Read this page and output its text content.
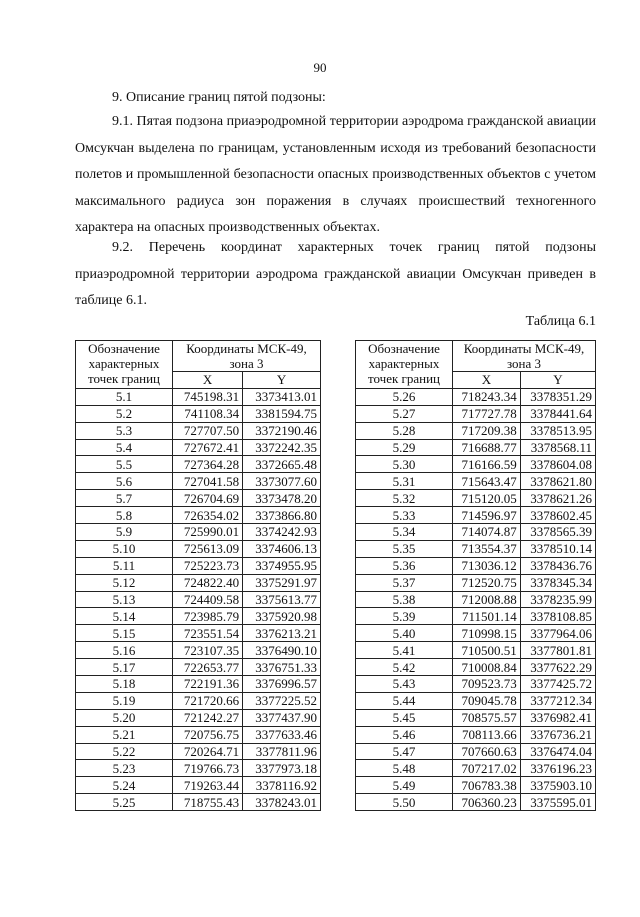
90
9. Описание границ пятой подзоны:
9.1. Пятая подзона приаэродромной территории аэродрома гражданской авиации Омсукчан выделена по границам, установленным исходя из требований безопасности полетов и промышленной безопасности опасных производственных объектов с учетом максимального радиуса зон поражения в случаях происшествий техногенного характера на опасных производственных объектах.
9.2. Перечень координат характерных точек границ пятой подзоны приаэродромной территории аэродрома гражданской авиации Омсукчан приведен в таблице 6.1.
Таблица 6.1
Обозначение характерных точек границ	Координаты МСК-49, зона 3	
	X	Y
5.1	745198.31	3373413.01
5.2	741108.34	3381594.75
5.3	727707.50	3372190.46
5.4	727672.41	3372242.35
5.5	727364.28	3372665.48
5.6	727041.58	3373077.60
5.7	726704.69	3373478.20
5.8	726354.02	3373866.80
5.9	725990.01	3374242.93
5.10	725613.09	3374606.13
5.11	725223.73	3374955.95
5.12	724822.40	3375291.97
5.13	724409.58	3375613.77
5.14	723985.79	3375920.98
5.15	723551.54	3376213.21
5.16	723107.35	3376490.10
5.17	722653.77	3376751.33
5.18	722191.36	3376996.57
5.19	721720.66	3377225.52
5.20	721242.27	3377437.90
5.21	720756.75	3377633.46
5.22	720264.71	3377811.96
5.23	719766.73	3377973.18
5.24	719263.44	3378116.92
5.25	718755.43	3378243.01
Обозначение характерных точек границ	Координаты МСК-49, зона 3	
	X	Y
5.26	718243.34	3378351.29
5.27	717727.78	3378441.64
5.28	717209.38	3378513.95
5.29	716688.77	3378568.11
5.30	716166.59	3378604.08
5.31	715643.47	3378621.80
5.32	715120.05	3378621.26
5.33	714596.97	3378602.45
5.34	714074.87	3378565.39
5.35	713554.37	3378510.14
5.36	713036.12	3378436.76
5.37	712520.75	3378345.34
5.38	712008.88	3378235.99
5.39	711501.14	3378108.85
5.40	710998.15	3377964.06
5.41	710500.51	3377801.81
5.42	710008.84	3377622.29
5.43	709523.73	3377425.72
5.44	709045.78	3377212.34
5.45	708575.57	3376982.41
5.46	708113.66	3376736.21
5.47	707660.63	3376474.04
5.48	707217.02	3376196.23
5.49	706783.38	3375903.10
5.50	706360.23	3375595.01
